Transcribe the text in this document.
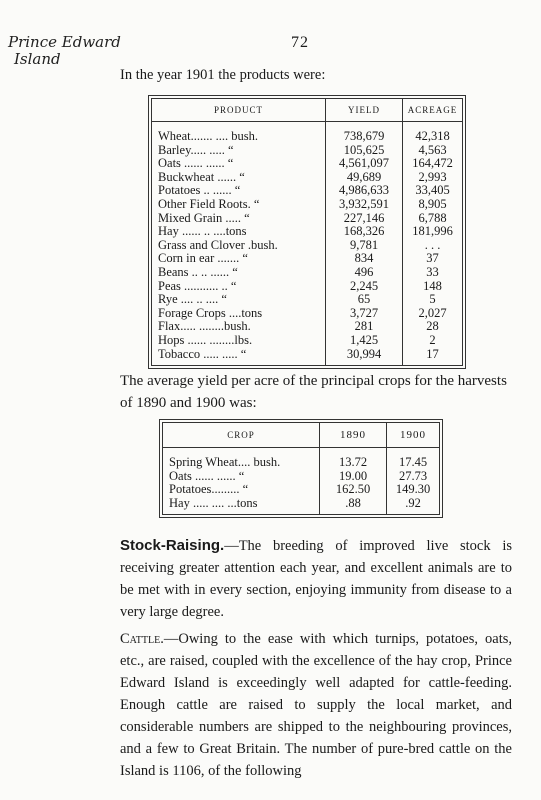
Prince Edward
Island
72

In the year 1901 the products were:

PRODUCT	YIELD	ACREAGE
Wheat....... .... bush.	738,679	42,318
Barley..... ..... “	105,625	4,563
Oats ...... ...... “	4,561,097	164,472
Buckwheat ...... “	49,689	2,993
Potatoes .. ...... “	4,986,633	33,405
Other Field Roots. “	3,932,591	8,905
Mixed Grain ..... “	227,146	6,788
Hay ...... .. ....tons	168,326	181,996
Grass and Clover .bush.	9,781	. . .
Corn in ear ....... “	834	37
Beans .. .. ...... “	496	33
Peas ........... .. “	2,245	148
Rye .... .. .... “	65	5
Forage Crops ....tons	3,727	2,027
Flax..... ........bush.	281	28
Hops ...... ........lbs.	1,425	2
Tobacco ..... ..... “	30,994	17

The average yield per acre of the principal crops for the harvests of 1890 and 1900 was:

CROP	1890	1900
Spring Wheat.... bush.	13.72	17.45
Oats ...... ...... “	19.00	27.73
Potatoes......... “	162.50	149.30
Hay ..... .... ...tons	.88	.92

Stock-Raising.—The breeding of improved live stock is receiving greater attention each year, and excellent animals are to be met with in every section, enjoying immunity from disease to a very large degree.

Cattle.—Owing to the ease with which turnips, potatoes, oats, etc., are raised, coupled with the excellence of the hay crop, Prince Edward Island is exceedingly well adapted for cattle-feeding. Enough cattle are raised to supply the local market, and considerable numbers are shipped to the neighbouring provinces, and a few to Great Britain. The number of pure-bred cattle on the Island is 1106, of the following
